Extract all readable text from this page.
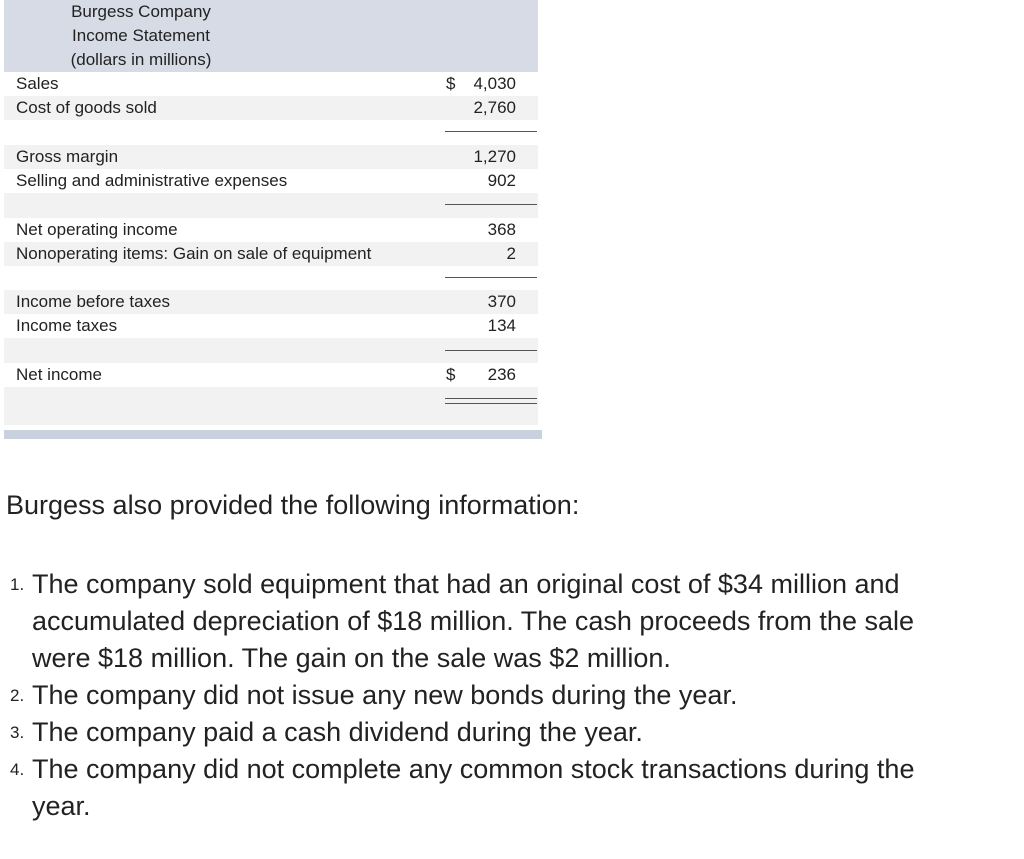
Burgess Company
Income Statement
(dollars in millions)
Sales	$ 4,030
Cost of goods sold	2,760
Gross margin	1,270
Selling and administrative expenses	902
Net operating income	368
Nonoperating items: Gain on sale of equipment	2
Income before taxes	370
Income taxes	134
Net income	$ 236
Burgess also provided the following information:
1. The company sold equipment that had an original cost of $34 million and accumulated depreciation of $18 million. The cash proceeds from the sale were $18 million. The gain on the sale was $2 million.
2. The company did not issue any new bonds during the year.
3. The company paid a cash dividend during the year.
4. The company did not complete any common stock transactions during the year.
